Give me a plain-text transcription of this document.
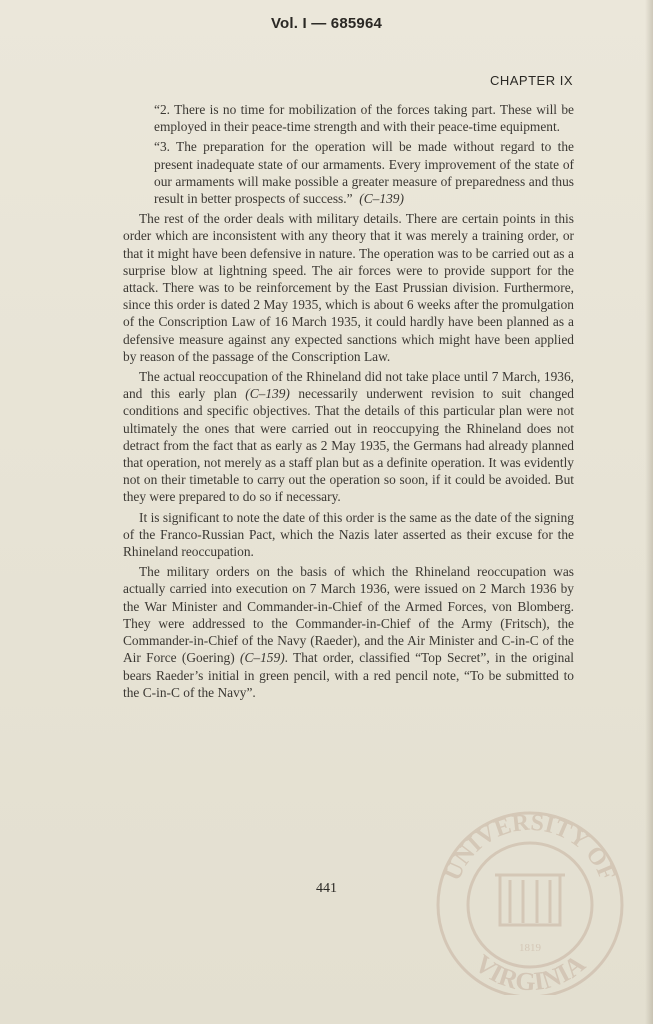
Vol. I — 685964
CHAPTER IX

“2. There is no time for mobilization of the forces taking part. These will be employed in their peace-time strength and with their peace-time equipment.

“3. The preparation for the operation will be made without regard to the present inadequate state of our armaments. Every improvement of the state of our armaments will make possible a greater measure of preparedness and thus result in better prospects of success.” (C–139)

The rest of the order deals with military details. There are certain points in this order which are inconsistent with any theory that it was merely a training order, or that it might have been defensive in nature. The operation was to be carried out as a surprise blow at lightning speed. The air forces were to provide support for the attack. There was to be reinforcement by the East Prussian division. Furthermore, since this order is dated 2 May 1935, which is about 6 weeks after the promulgation of the Conscription Law of 16 March 1935, it could hardly have been planned as a defensive measure against any expected sanctions which might have been applied by reason of the passage of the Conscription Law.

The actual reoccupation of the Rhineland did not take place until 7 March, 1936, and this early plan (C–139) necessarily underwent revision to suit changed conditions and specific objectives. That the details of this particular plan were not ultimately the ones that were carried out in reoccupying the Rhineland does not detract from the fact that as early as 2 May 1935, the Germans had already planned that operation, not merely as a staff plan but as a definite operation. It was evidently not on their timetable to carry out the operation so soon, if it could be avoided. But they were prepared to do so if necessary.

It is significant to note the date of this order is the same as the date of the signing of the Franco-Russian Pact, which the Nazis later asserted as their excuse for the Rhineland reoccupation.

The military orders on the basis of which the Rhineland reoccupation was actually carried into execution on 7 March 1936, were issued on 2 March 1936 by the War Minister and Commander-in-Chief of the Armed Forces, von Blomberg. They were addressed to the Commander-in-Chief of the Army (Fritsch), the Commander-in-Chief of the Navy (Raeder), and the Air Minister and C-in-C of the Air Force (Goering) (C–159). That order, classified “Top Secret”, in the original bears Raeder’s initial in green pencil, with a red pencil note, “To be submitted to the C-in-C of the Navy”.

441
UNIVERSITY OF
VIRGINIA
1819
